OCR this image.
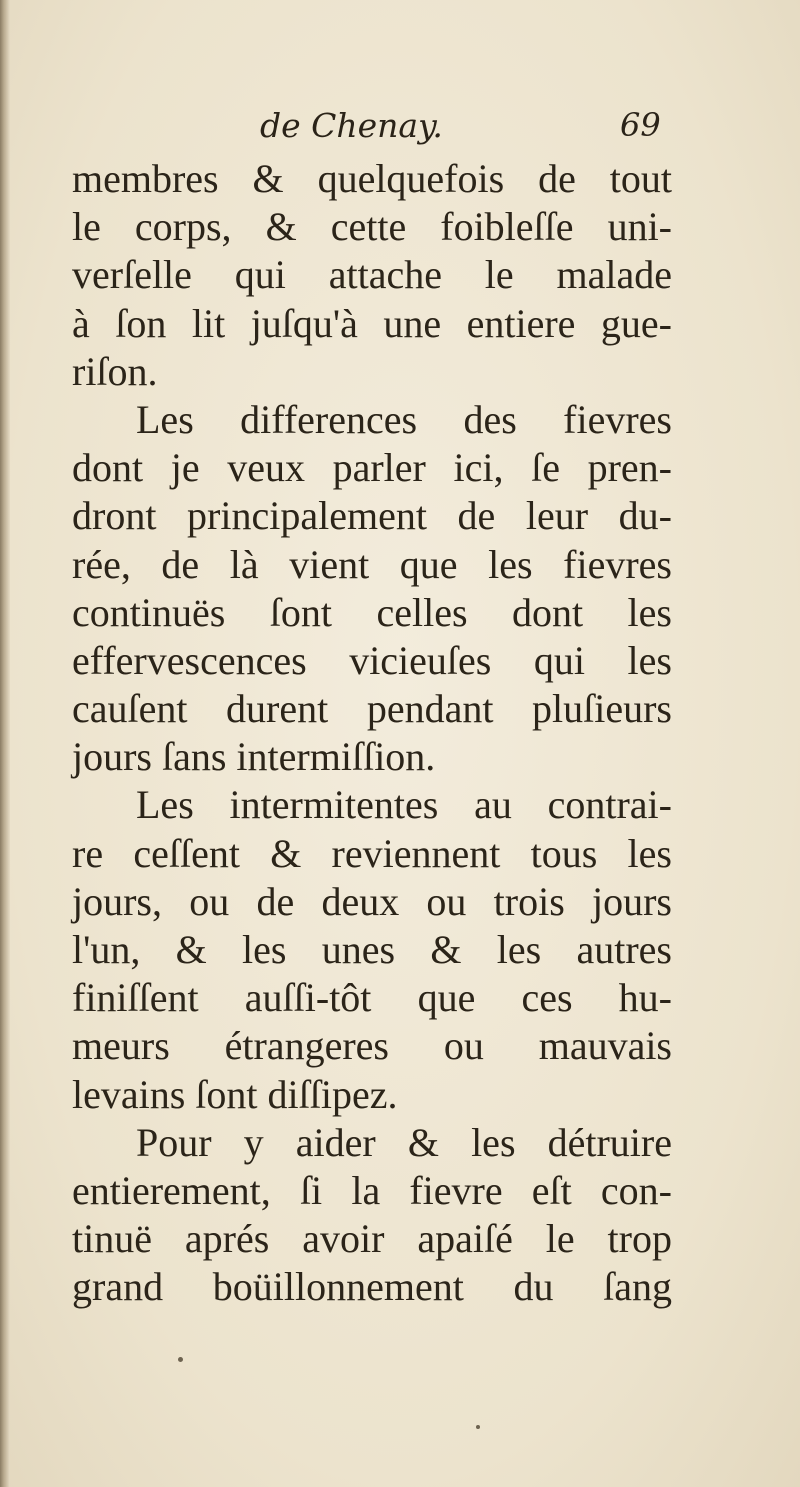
de Chenay.	69
membres & quelquefois de tout
le corps, & cette foibleſſe uni-
verſelle qui attache le malade
à ſon lit juſqu'à une entiere gue-
riſon.
Les differences des fievres
dont je veux parler ici, ſe pren-
dront principalement de leur du-
rée, de là vient que les fievres
continuës ſont celles dont les
effervescences vicieuſes qui les
cauſent durent pendant pluſieurs
jours ſans intermiſſion.
Les intermitentes au contrai-
re ceſſent & reviennent tous les
jours, ou de deux ou trois jours
l'un, & les unes & les autres
finiſſent auſſi-tôt que ces hu-
meurs étrangeres ou mauvais
levains ſont diſſipez.
Pour y aider & les détruire
entierement, ſi la fievre eſt con-
tinuë aprés avoir apaiſé le trop
grand boüillonnement du ſang
